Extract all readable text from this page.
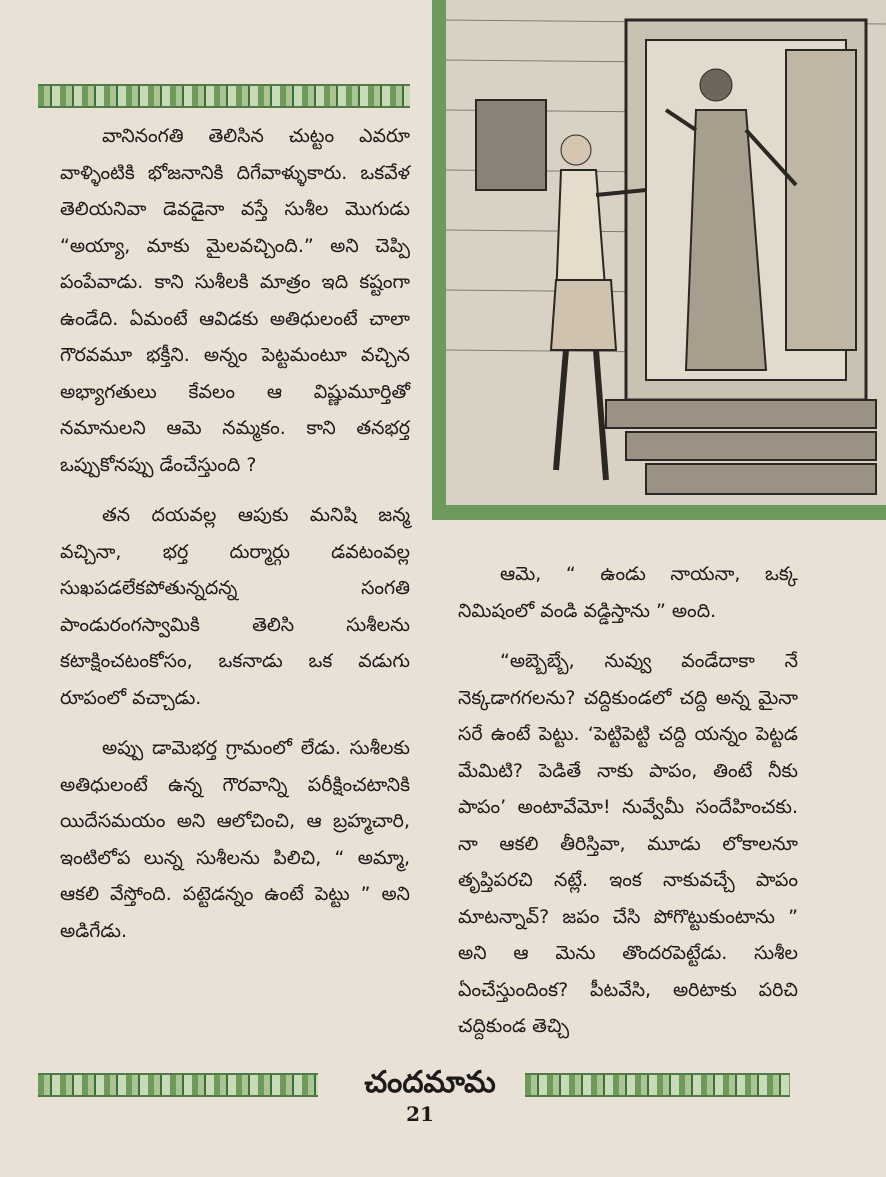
వానినంగతి తెలిసిన చుట్టం ఎవరూ వాళ్ళింటికి భోజనానికి దిగేవాళ్ళుకారు. ఒకవేళ తెలియనివా డెవడైనా వస్తే సుశీల మొగుడు “అయ్యా, మాకు మైలవచ్చింది.” అని చెప్పి పంపేవాడు. కాని సుశీలకి మాత్రం ఇది కష్టంగా ఉండేది. ఏమంటే ఆవిడకు అతిధులంటే చాలా గౌరవమూ భక్తీని. అన్నం పెట్టమంటూ వచ్చిన అభ్యాగతులు కేవలం ఆ విష్ణుమూర్తితో నమానులని ఆమె నమ్మకం. కాని తనభర్త ఒప్పుకోనప్పు డేంచేస్తుంది ?

తన దయవల్ల ఆపుకు మనిషి జన్మ వచ్చినా, భర్త దుర్మార్గు డవటంవల్ల సుఖపడలేకపోతున్నదన్న సంగతి పాండురంగస్వామికి తెలిసి సుశీలను కటాక్షించటంకోసం, ఒకనాడు ఒక వడుగు రూపంలో వచ్చాడు.

అప్పు డామెభర్త గ్రామంలో లేడు. సుశీలకు అతిధులంటే ఉన్న గౌరవాన్ని పరీక్షించటానికి యిదేసమయం అని ఆలోచించి, ఆ బ్రహ్మచారి, ఇంటిలోప లున్న సుశీలను పిలిచి, “ అమ్మా, ఆకలి వేస్తోంది. పట్టెడన్నం ఉంటే పెట్టు ” అని అడిగేడు.

ఆమె, “ ఉండు నాయనా, ఒక్క నిమిషంలో వండి వడ్డిస్తాను ” అంది.

“అబ్బెబ్బే, నువ్వు వండేదాకా నే నెక్కడాగగలను? చద్దికుండలో చద్ది అన్న మైనా సరే ఉంటే పెట్టు. ‘పెట్టిపెట్టి చద్ది యన్నం పెట్టడ మేమిటి? పెడితే నాకు పాపం, తింటే నీకు పాపం’ అంటావేమో! నువ్వేమీ సందేహించకు. నా ఆకలి తీరిస్తివా, మూడు లోకాలనూ తృప్తిపరచి నట్లే. ఇంక నాకువచ్చే పాపం మాటన్నావ్? జపం చేసి పోగొట్టుకుంటాను ” అని ఆ మెను తొందరపెట్టేడు. సుశీల ఏంచేస్తుందింక? పీటవేసి, అరిటాకు పరిచి చద్దికుండ తెచ్చి

చందమామ
21
